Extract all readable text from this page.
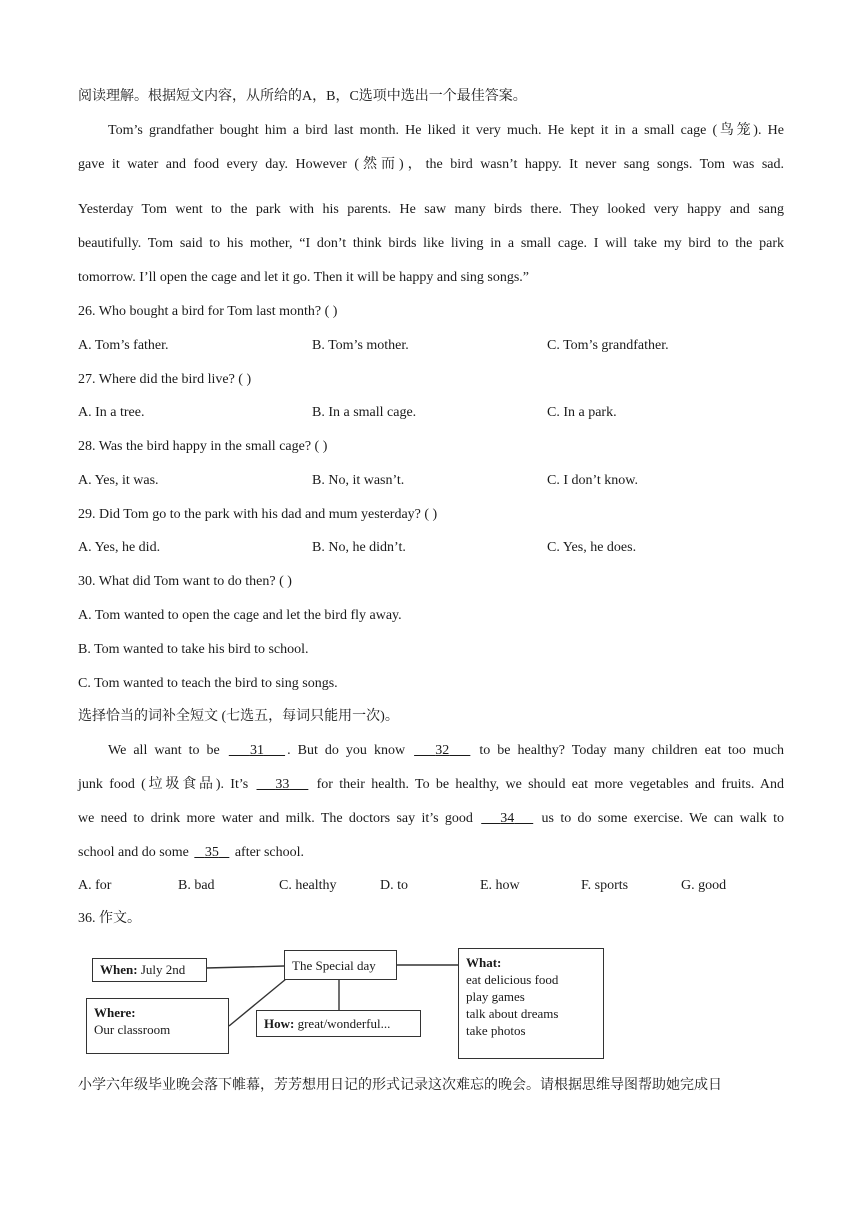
阅读理解。根据短文内容，从所给的A，B，C选项中选出一个最佳答案。
Tom’s grandfather bought him a bird last month. He liked it very much. He kept it in a small cage (鸟笼). He
gave it water and food every day. However (然而)，the bird wasn’t happy. It never sang songs. Tom was sad.
Yesterday Tom went to the park with his parents. He saw many birds there. They looked very happy and sang
beautifully. Tom said to his mother, “I don’t think birds like living in a small cage. I will take my bird to the park
tomorrow. I’ll open the cage and let it go. Then it will be happy and sing songs.”
26. Who bought a bird for Tom last month? ( )
A. Tom’s father.	B. Tom’s mother.	C. Tom’s grandfather.
27. Where did the bird live? ( )
A. In a tree.	B. In a small cage.	C. In a park.
28. Was the bird happy in the small cage? ( )
A. Yes, it was.	B. No, it wasn’t.	C. I don’t know.
29. Did Tom go to the park with his dad and mum yesterday? ( )
A. Yes, he did.	B. No, he didn’t.	C. Yes, he does.
30. What did Tom want to do then? ( )
A. Tom wanted to open the cage and let the bird fly away.
B. Tom wanted to take his bird to school.
C. Tom wanted to teach the bird to sing songs.
选择恰当的词补全短文 (七选五，每词只能用一次)。
We all want to be    31 . But do you know    32    to be healthy? Today many children eat too much
junk food (垃圾食品). It’s    33    for their health. To be healthy, we should eat more vegetables and fruits. And
we need to drink more water and milk. The doctors say it’s good    34    us to do some exercise. We can walk to
school and do some    35    after school.
A. for	B. bad	C. healthy	D. to	E. how	F. sports	G. good
36. 作文。
小学六年级毕业晚会落下帷幕，芳芳想用日记的形式记录这次难忘的晚会。请根据思维导图帮助她完成日
When: July 2nd	The Special day	What:
eat delicious food
play games
talk about dreams
take photos
Where:
Our classroom	How: great/wonderful...
